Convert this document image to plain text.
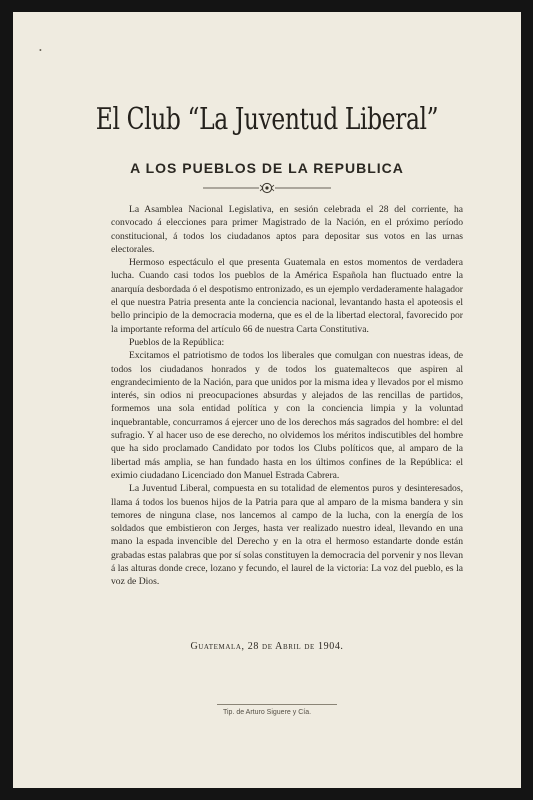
•
El Club “La Juventud Liberal”
A LOS PUEBLOS DE LA REPUBLICA

La Asamblea Nacional Legislativa, en sesión celebrada el 28 del corriente, ha convocado á elecciones para primer Magistrado de la Nación, en el próximo período constitucional, á todos los ciudadanos aptos para depositar sus votos en las urnas electorales.

Hermoso espectáculo el que presenta Guatemala en estos momentos de verdadera lucha. Cuando casi todos los pueblos de la América Española han fluctuado entre la anarquía desbordada ó el despotismo entronizado, es un ejemplo verdaderamente halagador el que nuestra Patria presenta ante la conciencia nacional, levantando hasta el apoteosis el bello principio de la democracia moderna, que es el de la libertad electoral, favorecido por la importante reforma del artículo 66 de nuestra Carta Constitutiva.

Pueblos de la República:

Excitamos el patriotismo de todos los liberales que comulgan con nuestras ideas, de todos los ciudadanos honrados y de todos los guatemaltecos que aspiren al engrandecimiento de la Nación, para que unidos por la misma idea y llevados por el mismo interés, sin odios ni preocupaciones absurdas y alejados de las rencillas de partidos, formemos una sola entidad política y con la conciencia limpia y la voluntad inquebrantable, concurramos á ejercer uno de los derechos más sagrados del hombre: el del sufragio. Y al hacer uso de ese derecho, no olvidemos los méritos indiscutibles del hombre que ha sido proclamado Candidato por todos los Clubs políticos que, al amparo de la libertad más amplia, se han fundado hasta en los últimos confines de la República: el eximio ciudadano Licenciado don Manuel Estrada Cabrera.

La Juventud Liberal, compuesta en su totalidad de elementos puros y desinteresados, llama á todos los buenos hijos de la Patria para que al amparo de la misma bandera y sin temores de ninguna clase, nos lancemos al campo de la lucha, con la energía de los soldados que embistieron con Jerges, hasta ver realizado nuestro ideal, llevando en una mano la espada invencible del Derecho y en la otra el hermoso estandarte donde están grabadas estas palabras que por sí solas constituyen la democracia del porvenir y nos llevan á las alturas donde crece, lozano y fecundo, el laurel de la victoria: La voz del pueblo, es la voz de Dios.

Guatemala, 28 de Abril de 1904.
Tip. de Arturo Siguere y Cía.
